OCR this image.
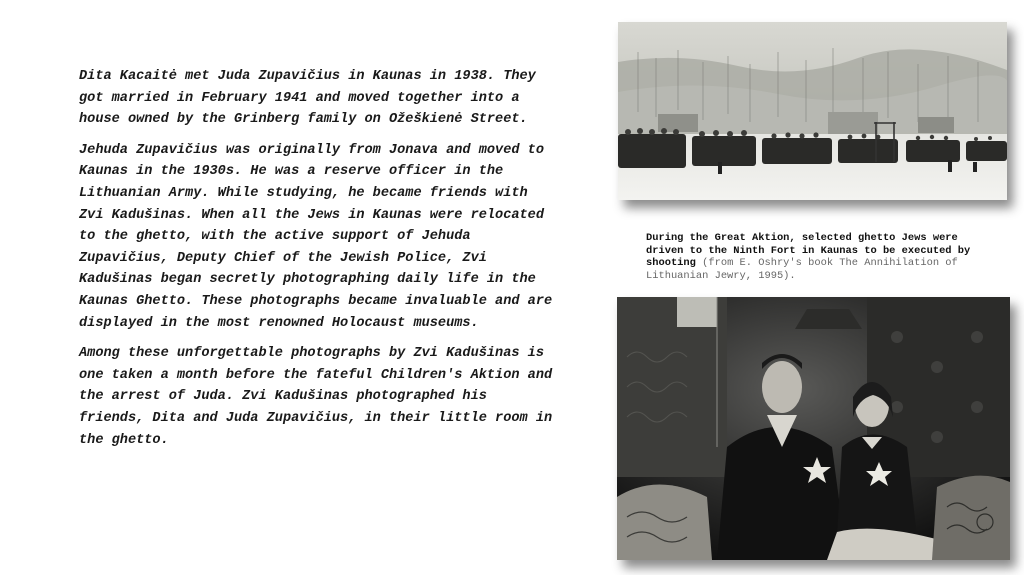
Dita Kacaitė met Juda Zupavičius in Kaunas in 1938. They got married in February 1941 and moved together into a house owned by the Grinberg family on Ožeškienė Street.

Jehuda Zupavičius was originally from Jonava and moved to Kaunas in the 1930s. He was a reserve officer in the Lithuanian Army. While studying, he became friends with Zvi Kadušinas. When all the Jews in Kaunas were relocated to the ghetto, with the active support of Jehuda Zupavičius, Deputy Chief of the Jewish Police, Zvi Kadušinas began secretly photographing daily life in the Kaunas Ghetto. These photographs became invaluable and are displayed in the most renowned Holocaust museums.

Among these unforgettable photographs by Zvi Kadušinas is one taken a month before the fateful Children's Aktion and the arrest of Juda. Zvi Kadušinas photographed his friends, Dita and Juda Zupavičius, in their little room in the ghetto.

During the Great Aktion, selected ghetto Jews were driven to the Ninth Fort in Kaunas to be executed by shooting (from E. Oshry's book The Annihilation of Lithuanian Jewry, 1995).
